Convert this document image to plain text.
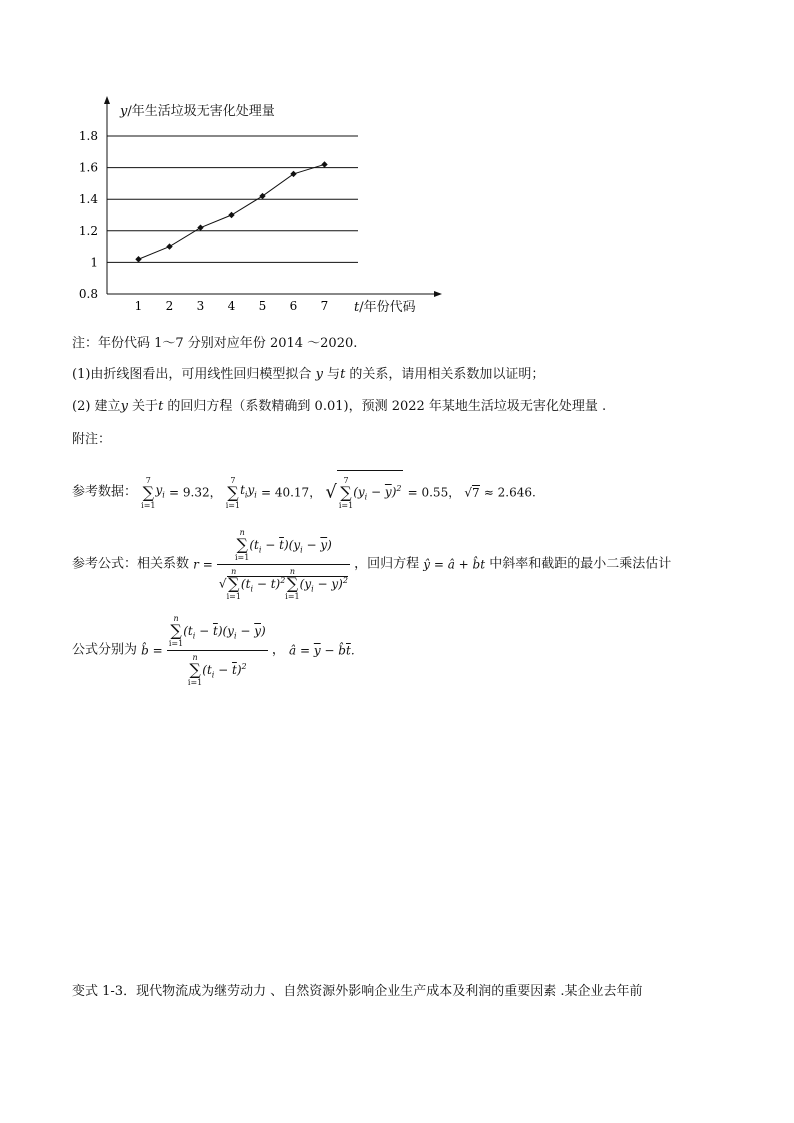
1.8
1.6
1.4
1.2
1
0.8
1 2 3 4 5 6 7
y/年生活垃圾无害化处理量
t/年份代码
注：年份代码 1～7 分别对应年份 2014 ～2020.
(1)由折线图看出，可用线性回归模型拟合 y 与t 的关系，请用相关系数加以证明；
(2) 建立y 关于t 的回归方程（系数精确到 0.01)，预测 2022 年某地生活垃圾无害化处理量 .
附注：
参考数据：
7
∑
i=1
$y_i = 9.32$，
7
∑
i=1
$t_iy_i = 40.17$， √
7
∑
i=1
$(y_i - \overline{y})^2 = 0.55$， √7 ≈ 2.646.
参考公式：相关系数 r = n
∑
i=1
$(t_i - \overline{t})(y_i - \overline{y})$
√
n
∑
i=1
$(t_i - \overline{t})^2$
n
∑
i=1
$(y_i - \overline{y})^2$ ，回归方程 ŷ = â + b̂t 中斜率和截距的最小二乘法估计
公式分别为 b̂ = n
∑
i=1
$(t_i - \overline{t})(y_i - \overline{y})$
n
∑
i=1
$(t_i - \overline{t})^2$ ， â = $\overline{y}$ − $b̂\overline{t}$.
变式 1-3．现代物流成为继劳动力 、自然资源外影响企业生产成本及利润的重要因素 .某企业去年前
